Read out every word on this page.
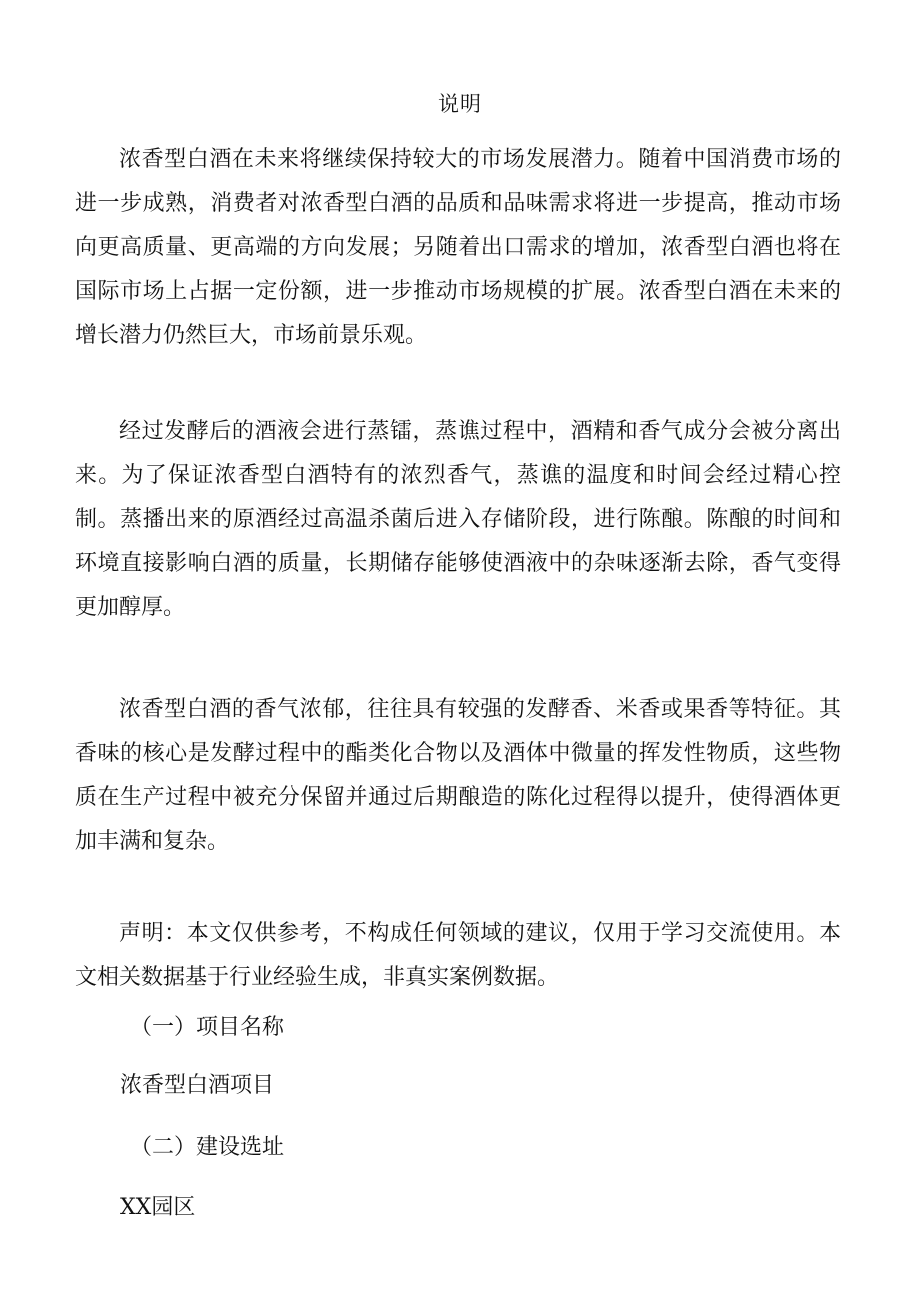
说明
浓香型白酒在未来将继续保持较大的市场发展潜力。随着中国消费市场的进一步成熟，消费者对浓香型白酒的品质和品味需求将进一步提高，推动市场向更高质量、更高端的方向发展；另随着出口需求的增加，浓香型白酒也将在国际市场上占据一定份额，进一步推动市场规模的扩展。浓香型白酒在未来的增长潜力仍然巨大，市场前景乐观。
经过发酵后的酒液会进行蒸镭，蒸谯过程中，酒精和香气成分会被分离出来。为了保证浓香型白酒特有的浓烈香气，蒸谯的温度和时间会经过精心控制。蒸播出来的原酒经过高温杀菌后进入存储阶段，进行陈酿。陈酿的时间和环境直接影响白酒的质量，长期储存能够使酒液中的杂味逐渐去除，香气变得更加醇厚。
浓香型白酒的香气浓郁，往往具有较强的发酵香、米香或果香等特征。其香味的核心是发酵过程中的酯类化合物以及酒体中微量的挥发性物质，这些物质在生产过程中被充分保留并通过后期酿造的陈化过程得以提升，使得酒体更加丰满和复杂。
声明：本文仅供参考，不构成任何领域的建议，仅用于学习交流使用。本文相关数据基于行业经验生成，非真实案例数据。
（一）项目名称
浓香型白酒项目
（二）建设选址
XX园区
